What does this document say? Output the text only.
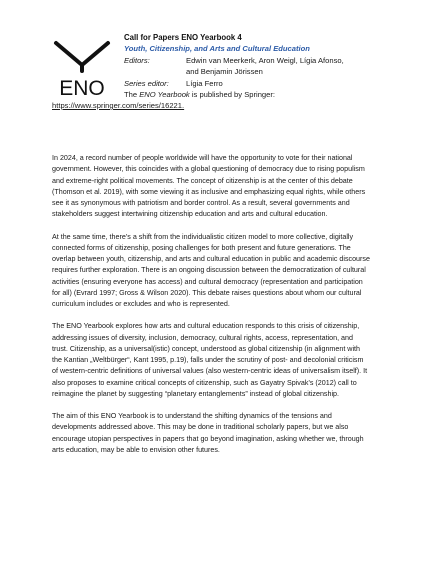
ENO
Call for Papers ENO Yearbook 4
Youth, Citizenship, and Arts and Cultural Education
Editors:	Edwin van Meerkerk, Aron Weigl, Lígia Afonso,
and Benjamin Jörissen
Series editor:	Lígia Ferro
The ENO Yearbook is published by Springer:
https://www.springer.com/series/16221.

In 2024, a record number of people worldwide will have the opportunity to vote for their national government. However, this coincides with a global questioning of democracy due to rising populism and extreme-right political movements. The concept of citizenship is at the center of this debate (Thomson et al. 2019), with some viewing it as inclusive and emphasizing equal rights, while others see it as synonymous with patriotism and border control. As a result, several governments and stakeholders suggest intertwining citizenship education and arts and cultural education.

At the same time, there’s a shift from the individualistic citizen model to more collective, digitally connected forms of citizenship, posing challenges for both present and future generations. The overlap between youth, citizenship, and arts and cultural education in public and academic discourse requires further exploration. There is an ongoing discussion between the democratization of cultural activities (ensuring everyone has access) and cultural democracy (representation and participation for all) (Evrard 1997; Gross & Wilson 2020). This debate raises questions about whom our cultural curriculum includes or excludes and who is represented.

The ENO Yearbook explores how arts and cultural education responds to this crisis of citizenship, addressing issues of diversity, inclusion, democracy, cultural rights, access, representation, and trust. Citizenship, as a universal(istic) concept, understood as global citizenship (in alignment with the Kantian „Weltbürger“, Kant 1995, p.19), falls under the scrutiny of post- and decolonial criticism of western-centric definitions of universal values (also western-centric ideas of universalism itself). It also proposes to examine critical concepts of citizenship, such as Gayatry Spivak’s (2012) call to reimagine the planet by suggesting “planetary entanglements” instead of global citizenship.

The aim of this ENO Yearbook is to understand the shifting dynamics of the tensions and developments addressed above. This may be done in traditional scholarly papers, but we also encourage utopian perspectives in papers that go beyond imagination, asking whether we, through arts education, may be able to envision other futures.
